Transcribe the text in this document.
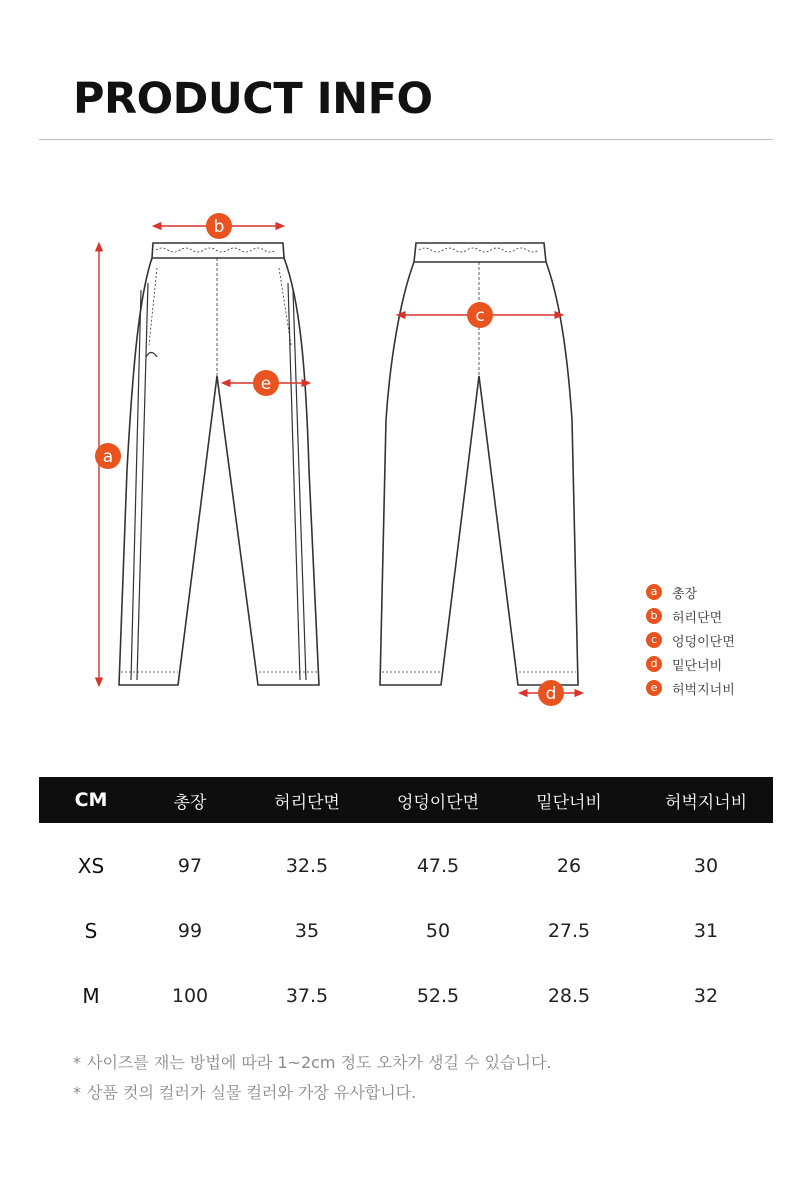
PRODUCT INFO
a
b
c
d
e
a	총장
b	허리단면
c	엉덩이단면
d	밑단너비
e	허벅지너비
CM	총장	허리단면	엉덩이단면	밑단너비	허벅지너비
XS	97	32.5	47.5	26	30
S	99	35	50	27.5	31
M	100	37.5	52.5	28.5	32
* 사이즈를 재는 방법에 따라 1~2cm 정도 오차가 생길 수 있습니다.
* 상품 컷의 컬러가 실물 컬러와 가장 유사합니다.
